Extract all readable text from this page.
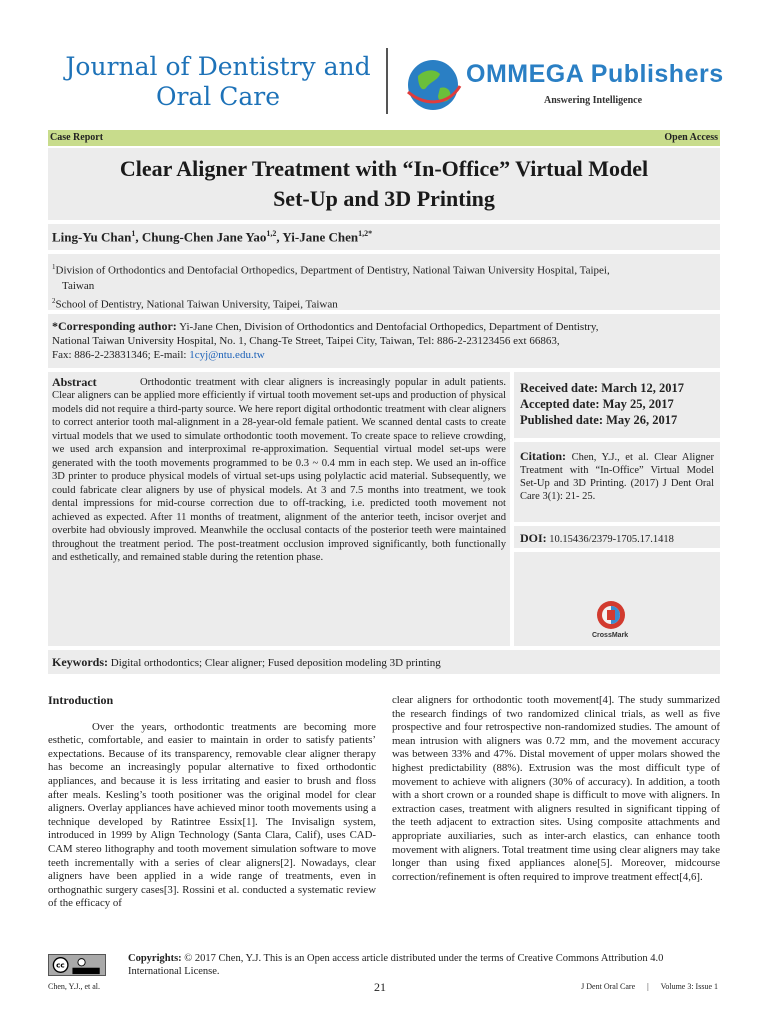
Journal of Dentistry and
Oral Care
OMMEGA Publishers
Answering Intelligence
Case Report	Open Access
Clear Aligner Treatment with “In-Office” Virtual Model
Set-Up and 3D Printing
Ling-Yu Chan$^1$, Chung-Chen Jane Yao$^{1,2}$, Yi-Jane Chen$^{1,2*}$
$^1$Division of Orthodontics and Dentofacial Orthopedics, Department of Dentistry, National Taiwan University Hospital, Taipei,
Taiwan
$^2$School of Dentistry, National Taiwan University, Taipei, Taiwan
*Corresponding author: Yi-Jane Chen, Division of Orthodontics and Dentofacial Orthopedics, Department of Dentistry,
National Taiwan University Hospital, No. 1, Chang-Te Street, Taipei City, Taiwan, Tel: 886-2-23123456 ext 66863,
Fax: 886-2-23831346; E-mail: 1cyj@ntu.edu.tw
Abstract	Orthodontic treatment with clear aligners is increasingly popular in adult patients. Clear aligners can be applied more efficiently if virtual tooth movement set-ups and production of physical models did not require a third-party source. We here report digital orthodontic treatment with clear aligners to correct anterior tooth mal-alignment in a 28-year-old female patient. We scanned dental casts to create virtual models that we used to simulate orthodontic tooth movement. To create space to relieve crowding, we used arch expansion and interproximal re-approximation. Sequential virtual model set-ups were generated with the tooth movements programmed to be 0.3 ~ 0.4 mm in each step. We used an in-office 3D printer to produce physical models of virtual set-ups using polylactic acid material. Subsequently, we could fabricate clear aligners by use of physical models. At 3 and 7.5 months into treatment, we took dental impressions for mid-course correction due to off-tracking, i.e. predicted tooth movement not achieved as expected. After 11 months of treatment, alignment of the anterior teeth, incisor overjet and overbite had obviously improved. Meanwhile the occlusal contacts of the posterior teeth were maintained throughout the treatment period. The post-treatment occlusion improved significantly, both functionally and esthetically, and remained stable during the retention phase.
Received date: March 12, 2017
Accepted date: May 25, 2017
Published date: May 26, 2017
Citation: Chen, Y.J., et al. Clear Aligner Treatment with “In-Office” Virtual Model Set-Up and 3D Printing. (2017) J Dent Oral Care 3(1): 21- 25.
DOI: 10.15436/2379-1705.17.1418
CrossMark
Keywords: Digital orthodontics; Clear aligner; Fused deposition modeling 3D printing
Introduction
Over the years, orthodontic treatments are becoming more esthetic, comfortable, and easier to maintain in order to satisfy patients’ expectations. Because of its transparency, removable clear aligner therapy has become an increasingly popular alternative to fixed orthodontic appliances, and because it is less irritating and easier to brush and floss after meals. Kesling’s tooth positioner was the original model for clear aligners. Overlay appliances have achieved minor tooth movements using a technique developed by Ratintree Essix[1]. The Invisalign system, introduced in 1999 by Align Technology (Santa Clara, Calif), uses CAD-CAM stereo lithography and tooth movement simulation software to move teeth incrementally with a series of clear aligners[2]. Nowadays, clear aligners have been applied in a wide range of treatments, even in orthognathic surgery cases[3]. Rossini et al. conducted a systematic review of the efficacy of
clear aligners for orthodontic tooth movement[4]. The study summarized the research findings of two randomized clinical trials, as well as five prospective and four retrospective non-randomized studies. The amount of mean intrusion with aligners was 0.72 mm, and the movement accuracy was between 33% and 47%. Distal movement of upper molars showed the highest predictability (88%). Extrusion was the most difficult type of movement to achieve with aligners (30% of accuracy). In addition, a tooth with a short crown or a rounded shape is difficult to move with aligners. In extraction cases, treatment with aligners resulted in significant tipping of the teeth adjacent to extraction sites. Using composite attachments and appropriate auxiliaries, such as inter-arch elastics, can enhance tooth movement with aligners. Total treatment time using clear aligners may take longer than using fixed appliances alone[5]. Moreover, midcourse correction/refinement is often required to improve treatment effect[4,6].
cc
Copyrights: © 2017 Chen, Y.J. This is an Open access article distributed under the terms of Creative Commons Attribution 4.0 International License.
Chen, Y.J., et al.	21	J Dent Oral Care      |      Volume 3: Issue 1
